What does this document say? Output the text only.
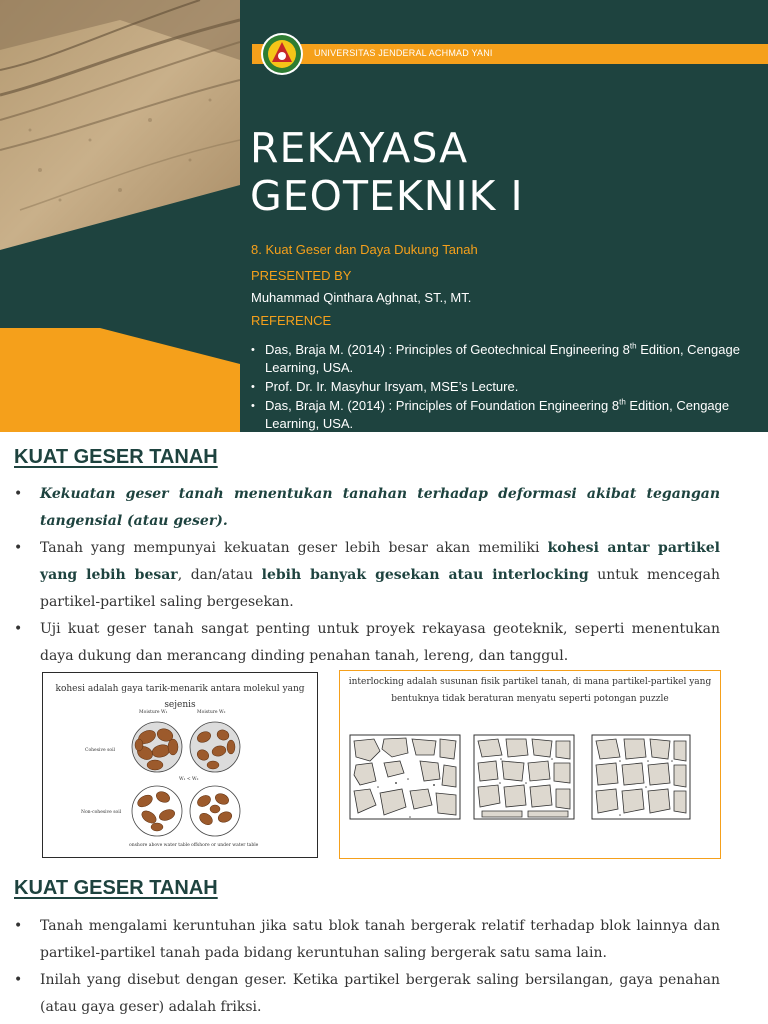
UNIVERSITAS JENDERAL ACHMAD YANI
REKAYASA
GEOTEKNIK I
8. Kuat Geser dan Daya Dukung Tanah
PRESENTED BY
Muhammad Qinthara Aghnat, ST., MT.
REFERENCE
• Das, Braja M. (2014) : Principles of Geotechnical Engineering 8th Edition, Cengage Learning, USA.
• Prof. Dr. Ir. Masyhur Irsyam, MSE’s Lecture.
• Das, Braja M. (2014) : Principles of Foundation Engineering 8th Edition, Cengage Learning, USA.
KUAT GESER TANAH
• Kekuatan geser tanah menentukan tanahan terhadap deformasi akibat tegangan tangensial (atau geser).
• Tanah yang mempunyai kekuatan geser lebih besar akan memiliki kohesi antar partikel yang lebih besar, dan/atau lebih banyak gesekan atau interlocking untuk mencegah partikel-partikel saling bergesekan.
• Uji kuat geser tanah sangat penting untuk proyek rekayasa geoteknik, seperti menentukan daya dukung dan merancang dinding penahan tanah, lereng, dan tanggul.
kohesi adalah gaya tarik-menarik antara molekul yang sejenis
Moisture W₁	Moisture W₂
Cohesive soil
W₁ < W₂
Non-cohesive soil
onshore above water table offshore or under water table
interlocking adalah susunan fisik partikel tanah, di mana partikel-partikel yang bentuknya tidak beraturan menyatu seperti potongan puzzle
KUAT GESER TANAH
• Tanah mengalami keruntuhan jika satu blok tanah bergerak relatif terhadap blok lainnya dan partikel-partikel tanah pada bidang keruntuhan saling bergerak satu sama lain.
• Inilah yang disebut dengan geser. Ketika partikel bergerak saling bersilangan, gaya penahan (atau gaya geser) adalah friksi.
